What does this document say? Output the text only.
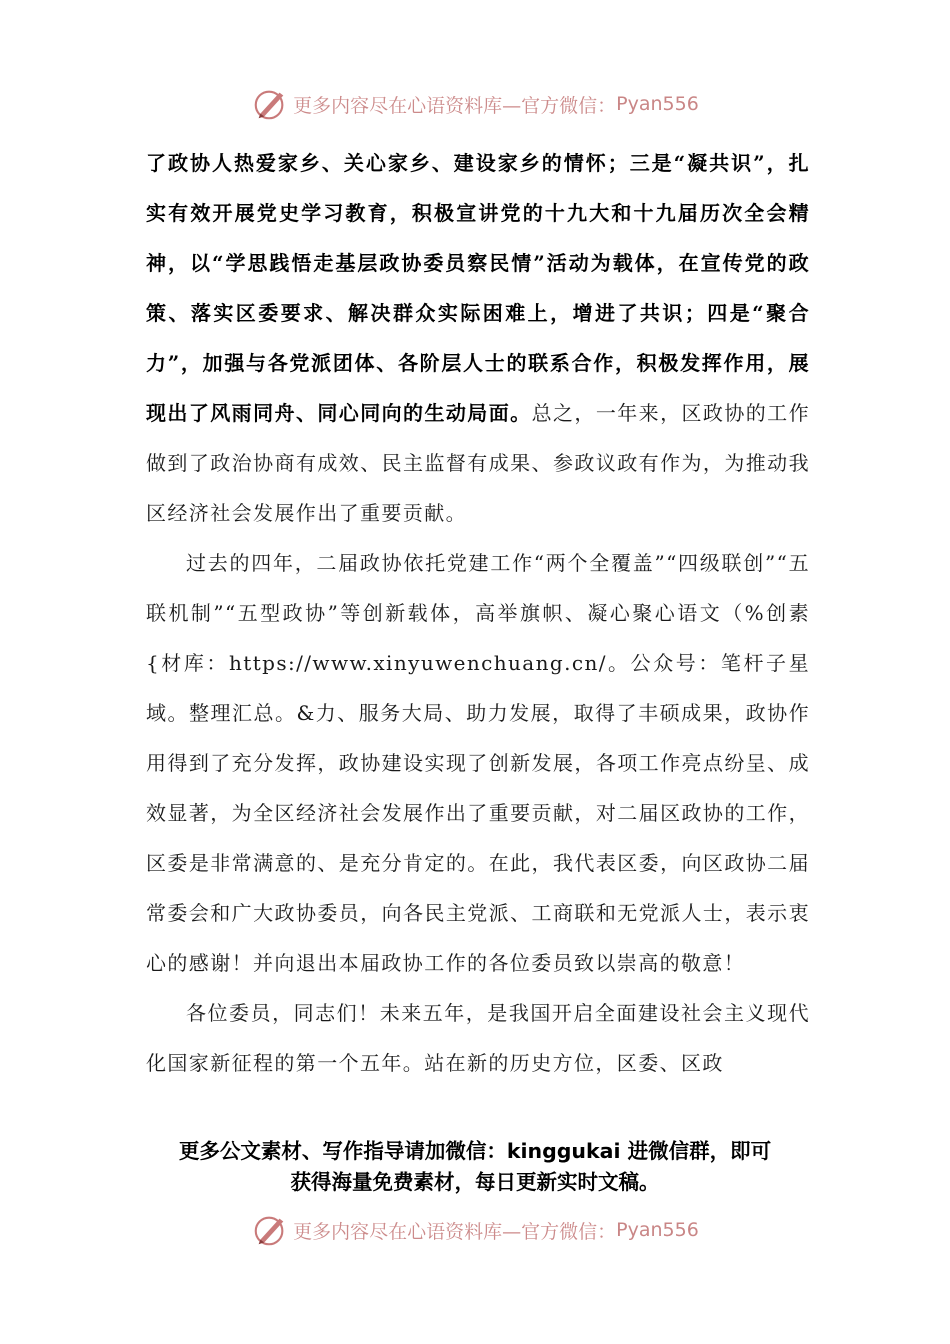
更多内容尽在心语资料库—官方微信： Pyan556

了政协人热爱家乡、关心家乡、建设家乡的情怀；三是“凝共识”，扎实有效开展党史学习教育，积极宣讲党的十九大和十九届历次全会精神，以“学思践悟走基层政协委员察民情”活动为载体，在宣传党的政策、落实区委要求、解决群众实际困难上，增进了共识；四是“聚合力”，加强与各党派团体、各阶层人士的联系合作，积极发挥作用，展现出了风雨同舟、同心同向的生动局面。总之，一年来，区政协的工作做到了政治协商有成效、民主监督有成果、参政议政有作为，为推动我区经济社会发展作出了重要贡献。

过去的四年，二届政协依托党建工作“两个全覆盖”“四级联创”“五联机制”“五型政协”等创新载体，高举旗帜、凝心聚心语文（%创素{材库：https://www.xinyuwenchuang.cn/。公众号：笔杆子星域。整理汇总。&力、服务大局、助力发展，取得了丰硕成果，政协作用得到了充分发挥，政协建设实现了创新发展，各项工作亮点纷呈、成效显著，为全区经济社会发展作出了重要贡献，对二届区政协的工作，区委是非常满意的、是充分肯定的。在此，我代表区委，向区政协二届常委会和广大政协委员，向各民主党派、工商联和无党派人士，表示衷心的感谢！并向退出本届政协工作的各位委员致以崇高的敬意！

各位委员，同志们！未来五年，是我国开启全面建设社会主义现代化国家新征程的第一个五年。站在新的历史方位，区委、区政

更多公文素材、写作指导请加微信：kinggukai 进微信群，即可
获得海量免费素材，每日更新实时文稿。
更多内容尽在心语资料库—官方微信： Pyan556
